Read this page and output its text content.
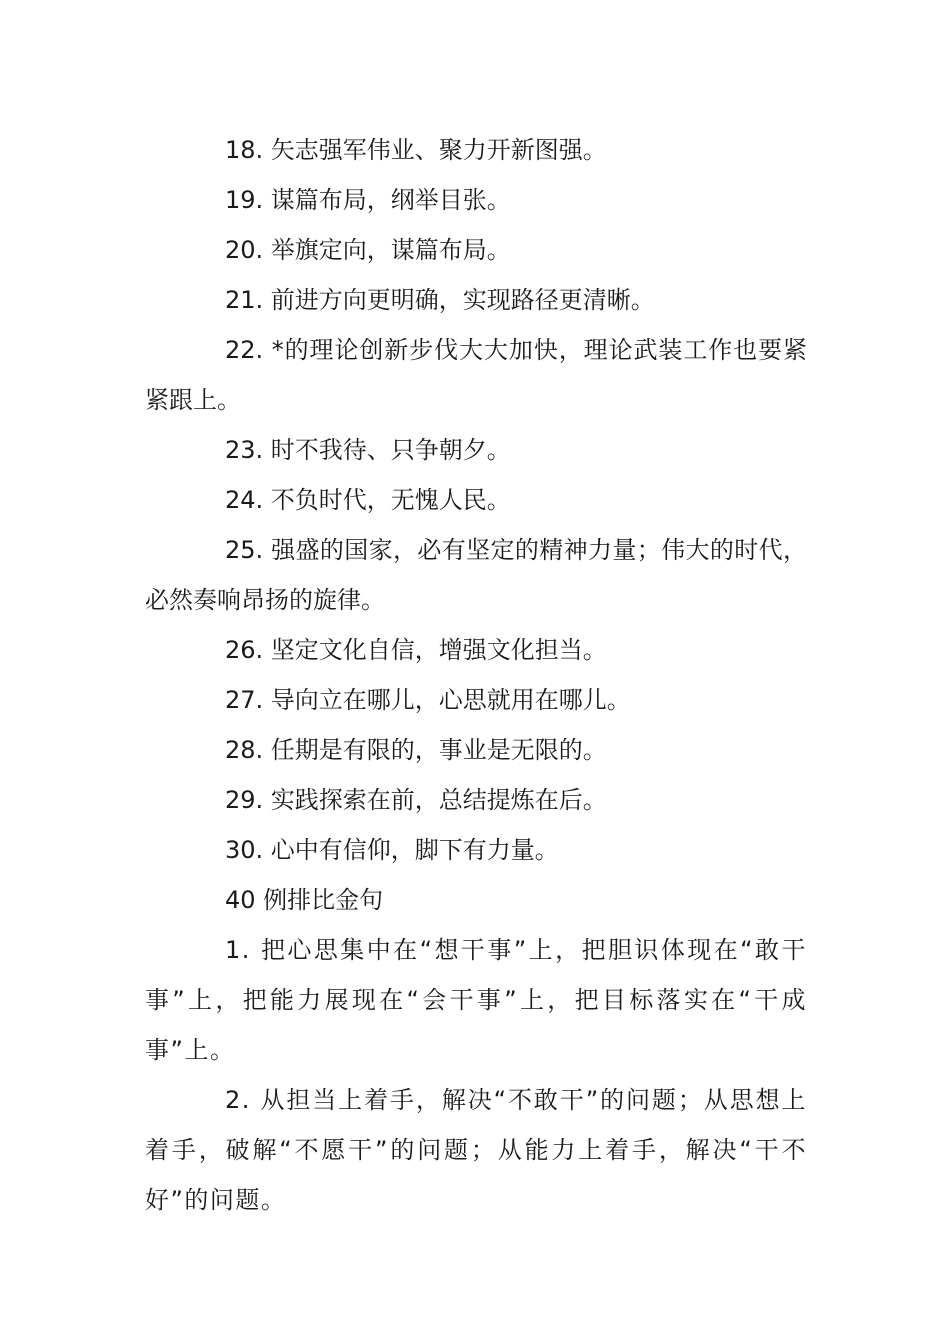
18. 矢志强军伟业、聚力开新图强。

19. 谋篇布局，纲举目张。

20. 举旗定向，谋篇布局。

21. 前进方向更明确，实现路径更清晰。

22. *的理论创新步伐大大加快，理论武装工作也要紧紧跟上。

23. 时不我待、只争朝夕。

24. 不负时代，无愧人民。

25. 强盛的国家，必有坚定的精神力量；伟大的时代，必然奏响昂扬的旋律。

26. 坚定文化自信，增强文化担当。

27. 导向立在哪儿，心思就用在哪儿。

28. 任期是有限的，事业是无限的。

29. 实践探索在前，总结提炼在后。

30. 心中有信仰，脚下有力量。

40 例排比金句

1. 把心思集中在“想干事”上，把胆识体现在“敢干事”上，把能力展现在“会干事”上，把目标落实在“干成事”上。

2. 从担当上着手，解决“不敢干”的问题；从思想上着手，破解“不愿干”的问题；从能力上着手，解决“干不好”的问题。
